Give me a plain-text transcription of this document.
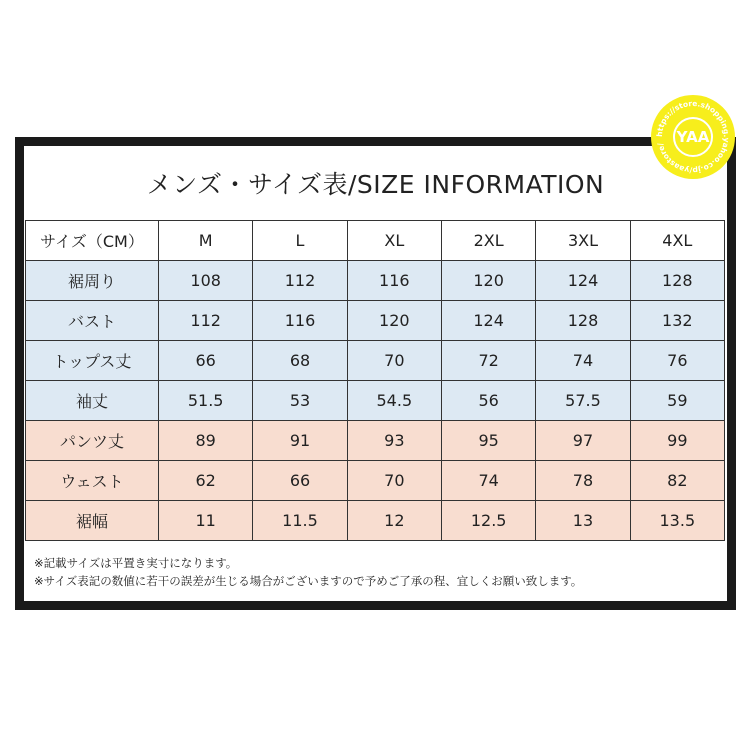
メンズ・サイズ表/SIZE INFORMATION
サイズ（CM）	M	L	XL	2XL	3XL	4XL
裾周り	108	112	116	120	124	128
バスト	112	116	120	124	128	132
トップス丈	66	68	70	72	74	76
袖丈	51.5	53	54.5	56	57.5	59
パンツ丈	89	91	93	95	97	99
ウェスト	62	66	70	74	78	82
裾幅	11	11.5	12	12.5	13	13.5
※記載サイズは平置き実寸になります。
※サイズ表記の数値に若干の誤差が生じる場合がございますので予めご了承の程、宜しくお願い致します。
https://store.shopping.yahoo.co.jp/yaastore/ YAA
